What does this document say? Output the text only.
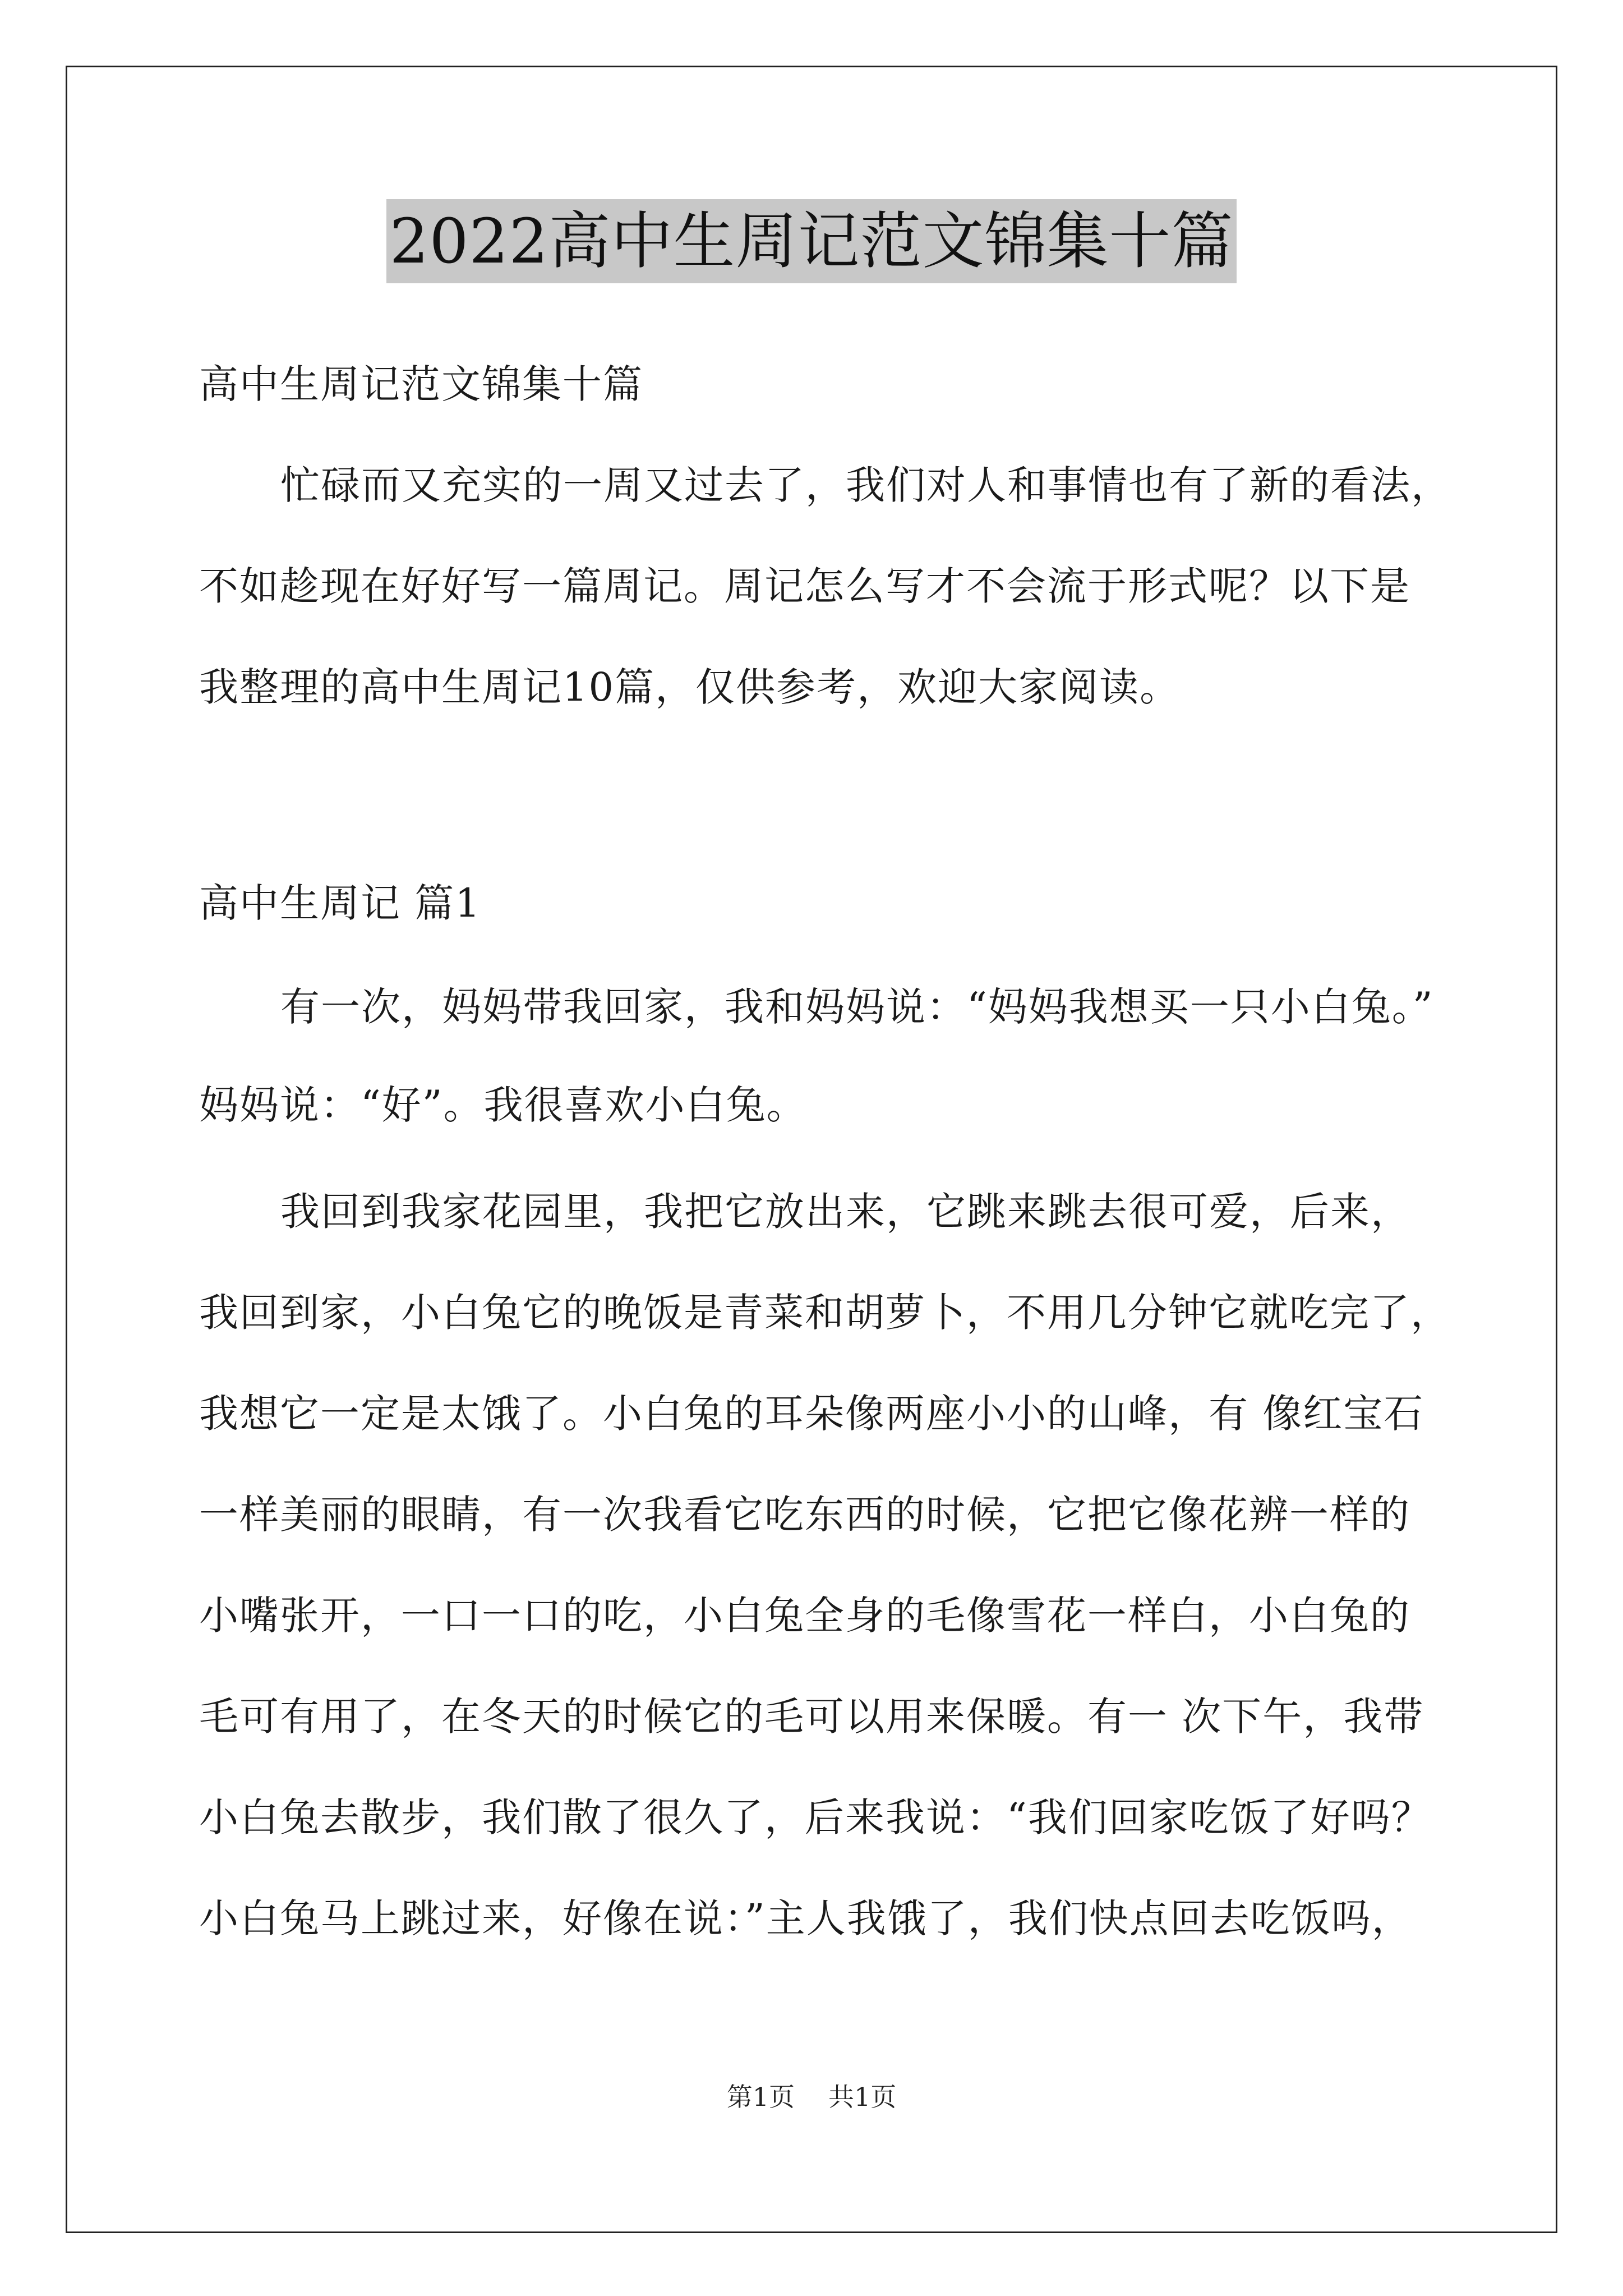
2022高中生周记范文锦集十篇
高中生周记范文锦集十篇
忙碌而又充实的一周又过去了，我们对人和事情也有了新的看法，
不如趁现在好好写一篇周记。周记怎么写才不会流于形式呢？以下是
我整理的高中生周记10篇，仅供参考，欢迎大家阅读。
高中生周记 篇1
有一次，妈妈带我回家，我和妈妈说：“妈妈我想买一只小白兔。”
妈妈说：“好”。我很喜欢小白兔。
我回到我家花园里，我把它放出来，它跳来跳去很可爱，后来，
我回到家，小白兔它的晚饭是青菜和胡萝卜，不用几分钟它就吃完了，
我想它一定是太饿了。小白兔的耳朵像两座小小的山峰，有 像红宝石
一样美丽的眼睛，有一次我看它吃东西的时候，它把它像花辨一样的
小嘴张开，一口一口的吃，小白兔全身的毛像雪花一样白，小白兔的
毛可有用了，在冬天的时候它的毛可以用来保暖。有一 次下午，我带
小白兔去散步，我们散了很久了，后来我说：“我们回家吃饭了好吗？
小白兔马上跳过来，好像在说：”主人我饿了，我们快点回去吃饭吗，
第1页 共1页
